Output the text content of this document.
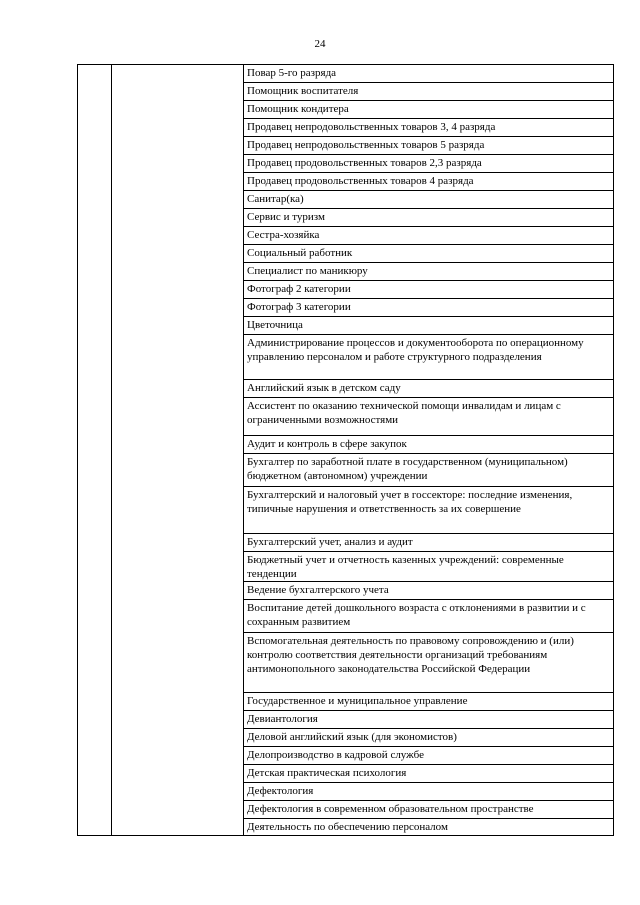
24

Повар 5-го разряда
Помощник воспитателя
Помощник кондитера
Продавец непродовольственных товаров 3, 4 разряда
Продавец непродовольственных товаров 5 разряда
Продавец продовольственных товаров 2,3 разряда
Продавец продовольственных товаров 4 разряда
Санитар(ка)
Сервис и туризм
Сестра-хозяйка
Социальный работник
Специалист по маникюру
Фотограф 2 категории
Фотограф 3 категории
Цветочница
Администрирование процессов и документооборота по операционному управлению персоналом и работе структурного подразделения
Английский язык в детском саду
Ассистент по оказанию технической помощи инвалидам и лицам с ограниченными возможностями
Аудит и контроль в сфере закупок
Бухгалтер по заработной плате в государственном (муниципальном) бюджетном (автономном) учреждении
Бухгалтерский и налоговый учет в госсекторе: последние изменения, типичные нарушения и ответственность за их совершение
Бухгалтерский учет, анализ и аудит
Бюджетный учет и отчетность казенных учреждений: современные тенденции
Ведение бухгалтерского учета
Воспитание детей дошкольного возраста с отклонениями в развитии и с сохранным развитием
Вспомогательная деятельность по правовому сопровождению и (или) контролю соответствия деятельности организаций требованиям антимонопольного законодательства Российской Федерации
Государственное и муниципальное управление
Девиантология
Деловой английский язык (для экономистов)
Делопроизводство в кадровой службе
Детская практическая психология
Дефектология
Дефектология в современном образовательном пространстве
Деятельность по обеспечению персоналом
